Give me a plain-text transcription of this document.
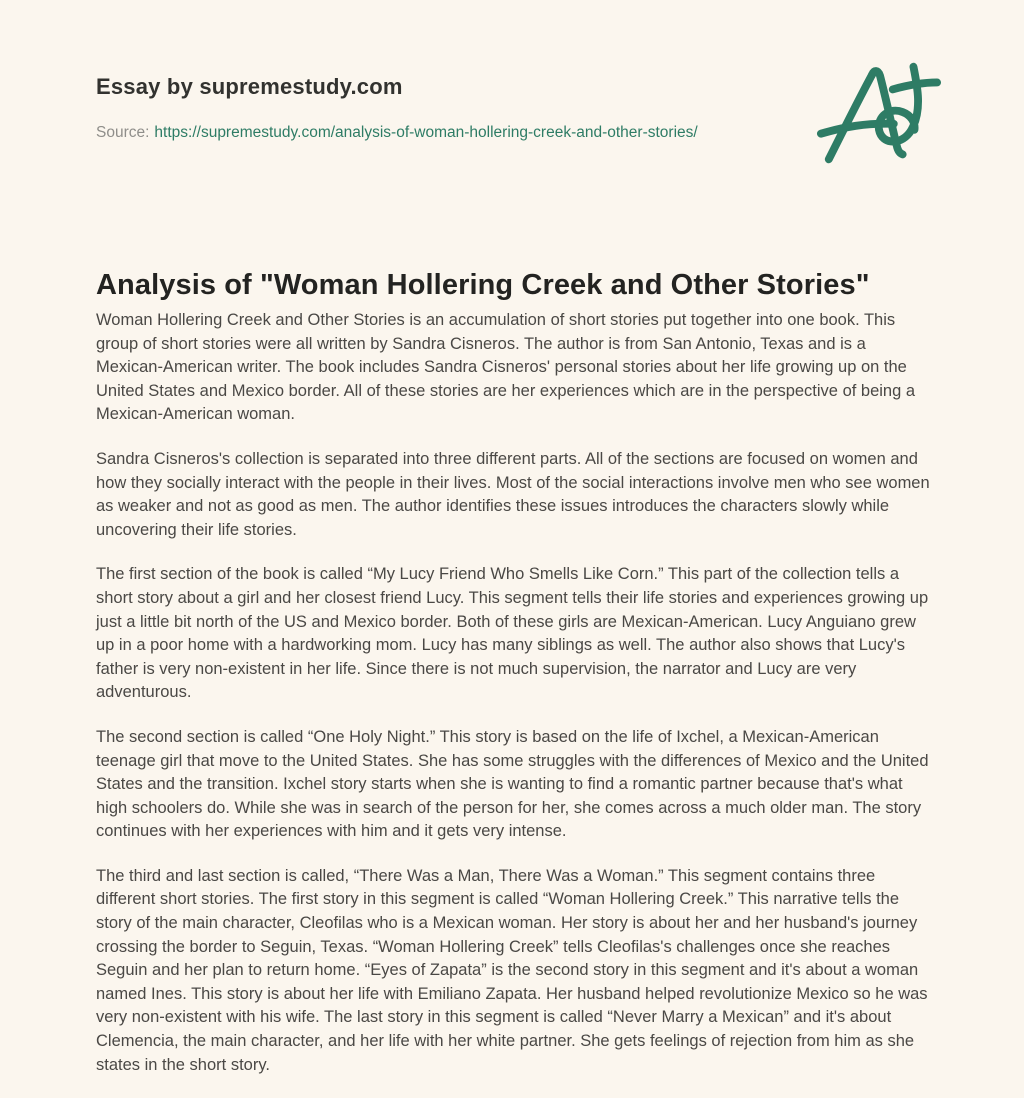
Essay by supremestudy.com
Source: https://supremestudy.com/analysis-of-woman-hollering-creek-and-other-stories/
Analysis of "Woman Hollering Creek and Other Stories"

Woman Hollering Creek and Other Stories is an accumulation of short stories put together into one book. This group of short stories were all written by Sandra Cisneros. The author is from San Antonio, Texas and is a Mexican-American writer. The book includes Sandra Cisneros' personal stories about her life growing up on the United States and Mexico border. All of these stories are her experiences which are in the perspective of being a Mexican-American woman.

Sandra Cisneros's collection is separated into three different parts. All of the sections are focused on women and how they socially interact with the people in their lives. Most of the social interactions involve men who see women as weaker and not as good as men. The author identifies these issues introduces the characters slowly while uncovering their life stories.

The first section of the book is called “My Lucy Friend Who Smells Like Corn.” This part of the collection tells a short story about a girl and her closest friend Lucy. This segment tells their life stories and experiences growing up just a little bit north of the US and Mexico border. Both of these girls are Mexican-American. Lucy Anguiano grew up in a poor home with a hardworking mom. Lucy has many siblings as well. The author also shows that Lucy's father is very non-existent in her life. Since there is not much supervision, the narrator and Lucy are very adventurous.

The second section is called “One Holy Night.” This story is based on the life of Ixchel, a Mexican-American teenage girl that move to the United States. She has some struggles with the differences of Mexico and the United States and the transition. Ixchel story starts when she is wanting to find a romantic partner because that's what high schoolers do. While she was in search of the person for her, she comes across a much older man. The story continues with her experiences with him and it gets very intense.

The third and last section is called, “There Was a Man, There Was a Woman.” This segment contains three different short stories. The first story in this segment is called “Woman Hollering Creek.” This narrative tells the story of the main character, Cleofilas who is a Mexican woman. Her story is about her and her husband's journey crossing the border to Seguin, Texas. “Woman Hollering Creek” tells Cleofilas's challenges once she reaches Seguin and her plan to return home. “Eyes of Zapata” is the second story in this segment and it's about a woman named Ines. This story is about her life with Emiliano Zapata. Her husband helped revolutionize Mexico so he was very non-existent with his wife. The last story in this segment is called “Never Marry a Mexican” and it's about Clemencia, the main character, and her life with her white partner. She gets feelings of rejection from him as she states in the short story.
